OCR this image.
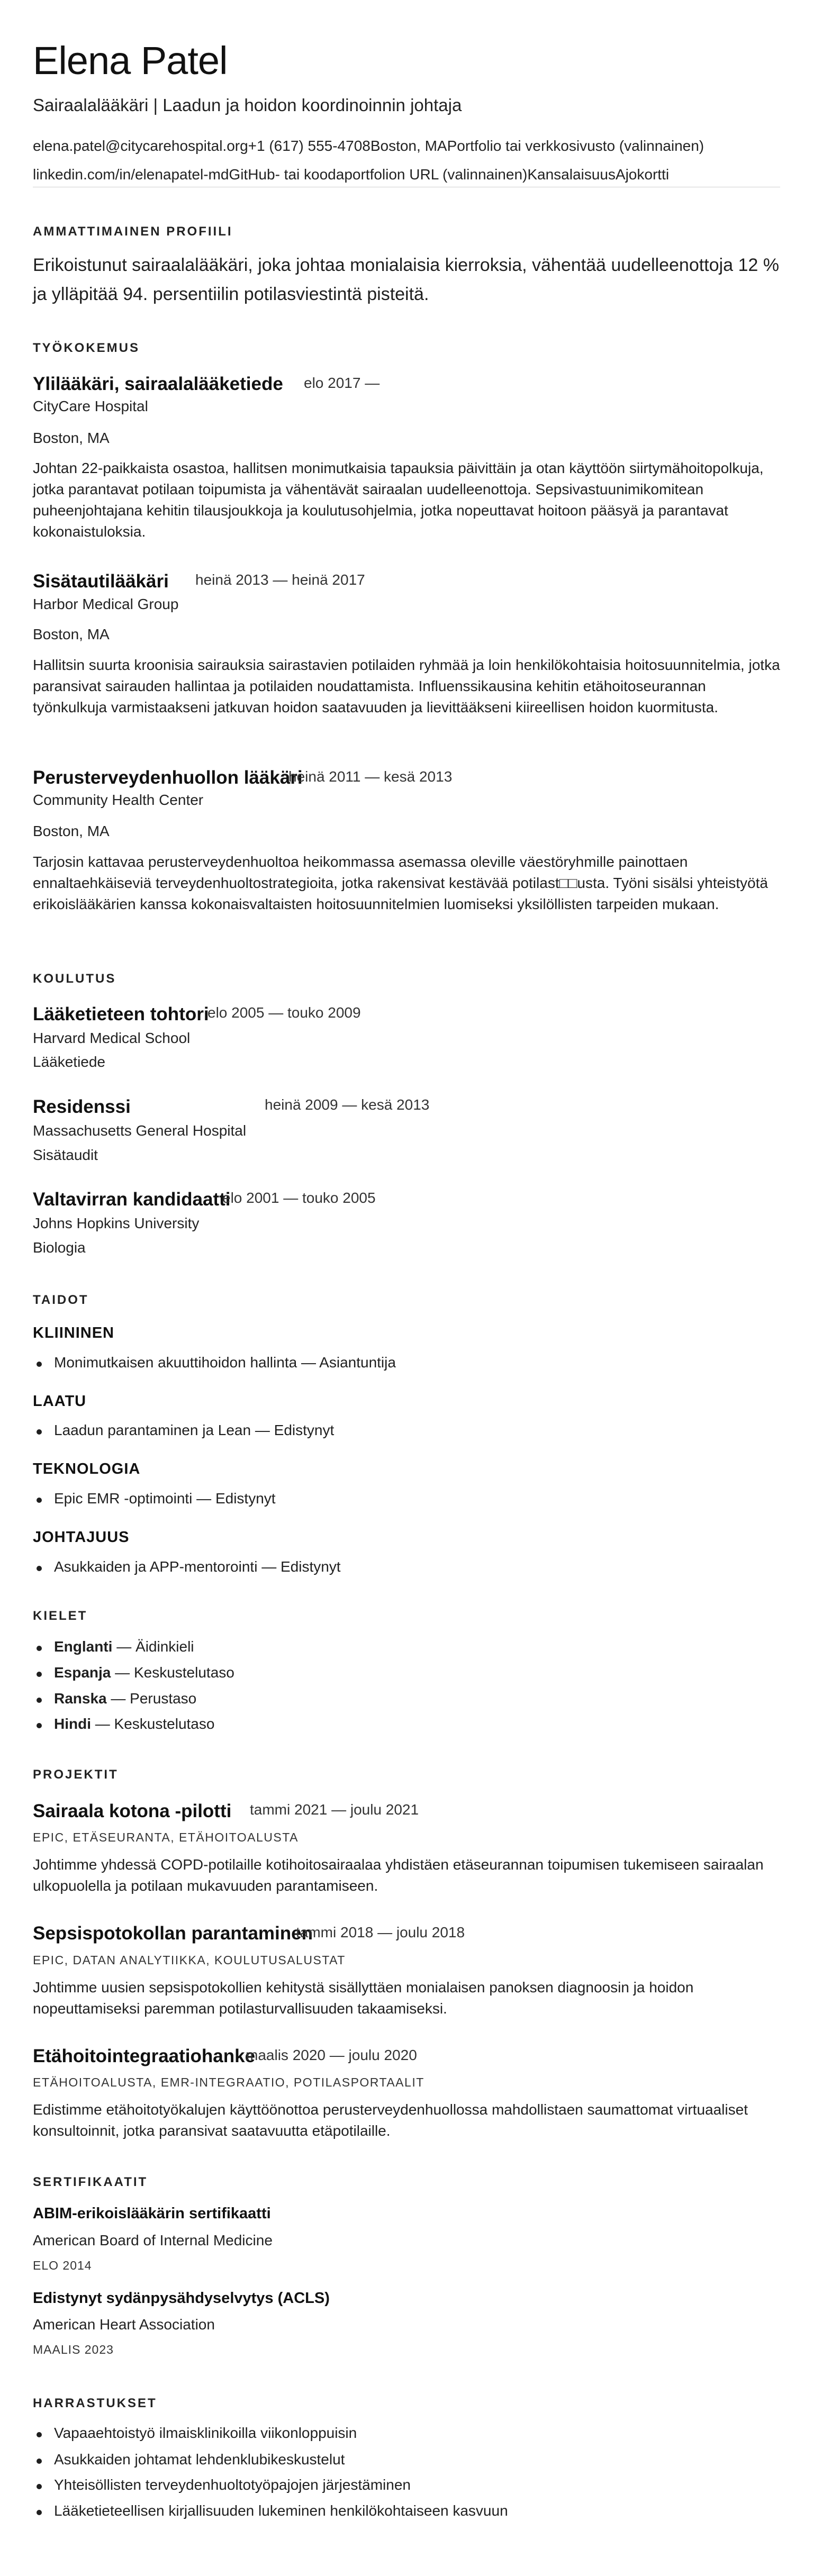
Elena Patel
Sairaalalääkäri | Laadun ja hoidon koordinoinnin johtaja
elena.patel@citycarehospital.org+1 (617) 555-4708Boston, MAPortfolio tai verkkosivusto (valinnainen)
linkedin.com/in/elenapatel-mdGitHub- tai koodaportfolion URL (valinnainen)KansalaisuusAjokortti
AMMATTIMAINEN PROFIILI
Erikoistunut sairaalalääkäri, joka johtaa monialaisia kierroksia, vähentää uudelleenottoja 12 % ja ylläpitää 94. persentiilin potilasviestintä pisteitä.
TYÖKOKEMUS
Ylilääkäri, sairaalalääketiede elo 2017 —
CityCare Hospital
Boston, MA
Johtan 22-paikkaista osastoa, hallitsen monimutkaisia tapauksia päivittäin ja otan käyttöön siirtymähoitopolkuja, jotka parantavat potilaan toipumista ja vähentävät sairaalan uudelleenottoja. Sepsivastuunimikomitean puheenjohtajana kehitin tilausjoukkoja ja koulutusohjelmia, jotka nopeuttavat hoitoon pääsyä ja parantavat kokonaistuloksia.
Sisätautilääkäri heinä 2013 — heinä 2017
Harbor Medical Group
Boston, MA
Hallitsin suurta kroonisia sairauksia sairastavien potilaiden ryhmää ja loin henkilökohtaisia hoitosuunnitelmia, jotka paransivat sairauden hallintaa ja potilaiden noudattamista. Influenssikausina kehitin etähoitoseurannan työnkulkuja varmistaakseni jatkuvan hoidon saatavuuden ja lievittääkseni kiireellisen hoidon kuormitusta.
Perusterveydenhuollon lääkäri
heinä 2011 — kesä 2013
Community Health Center
Boston, MA
Tarjosin kattavaa perusterveydenhuoltoa heikommassa asemassa oleville väestöryhmille painottaen ennaltaehkäiseviä terveydenhuoltostrategioita, jotka rakensivat kestävää potilast□□usta. Työni sisälsi yhteistyötä erikoislääkärien kanssa kokonaisvaltaisten hoitosuunnitelmien luomiseksi yksilöllisten tarpeiden mukaan.
KOULUTUS
Lääketieteen tohtori
elo 2005 — touko 2009
Harvard Medical School
Lääketiede
Residenssi	heinä 2009 — kesä 2013
Massachusetts General Hospital
Sisätaudit
Valtavirran kandidaatti
elo 2001 — touko 2005
Johns Hopkins University
Biologia
TAIDOT
KLIININEN
Monimutkaisen akuuttihoidon hallinta — Asiantuntija
LAATU
Laadun parantaminen ja Lean — Edistynyt
TEKNOLOGIA
Epic EMR -optimointi — Edistynyt
JOHTAJUUS
Asukkaiden ja APP-mentorointi — Edistynyt
KIELET
Englanti — Äidinkieli
Espanja — Keskustelutaso
Ranska — Perustaso
Hindi — Keskustelutaso
PROJEKTIT
Sairaala kotona -pilotti tammi 2021 — joulu 2021
EPIC, ETÄSEURANTA, ETÄHOITOALUSTA
Johtimme yhdessä COPD-potilaille kotihoitosairaalaa yhdistäen etäseurannan toipumisen tukemiseen sairaalan ulkopuolella ja potilaan mukavuuden parantamiseen.
Sepsispotokollan parantaminen
tammi 2018 — joulu 2018
EPIC, DATAN ANALYTIIKKA, KOULUTUSALUSTAT
Johtimme uusien sepsispotokollien kehitystä sisällyttäen monialaisen panoksen diagnoosin ja hoidon nopeuttamiseksi paremman potilasturvallisuuden takaamiseksi.
Etähoitointegraatiohanke
maalis 2020 — joulu 2020
ETÄHOITOALUSTA, EMR-INTEGRAATIO, POTILASPORTAALIT
Edistimme etähoitotyökalujen käyttöönottoa perusterveydenhuollossa mahdollistaen saumattomat virtuaaliset konsultoinnit, jotka paransivat saatavuutta etäpotilaille.
SERTIFIKAATIT
ABIM-erikoislääkärin sertifikaatti
American Board of Internal Medicine
ELO 2014
Edistynyt sydänpysähdyselvytys (ACLS)
American Heart Association
MAALIS 2023
HARRASTUKSET
Vapaaehtoistyö ilmaisklinikoilla viikonloppuisin
Asukkaiden johtamat lehdenklubikeskustelut
Yhteisöllisten terveydenhuoltotyöpajojen järjestäminen
Lääketieteellisen kirjallisuuden lukeminen henkilökohtaiseen kasvuun
